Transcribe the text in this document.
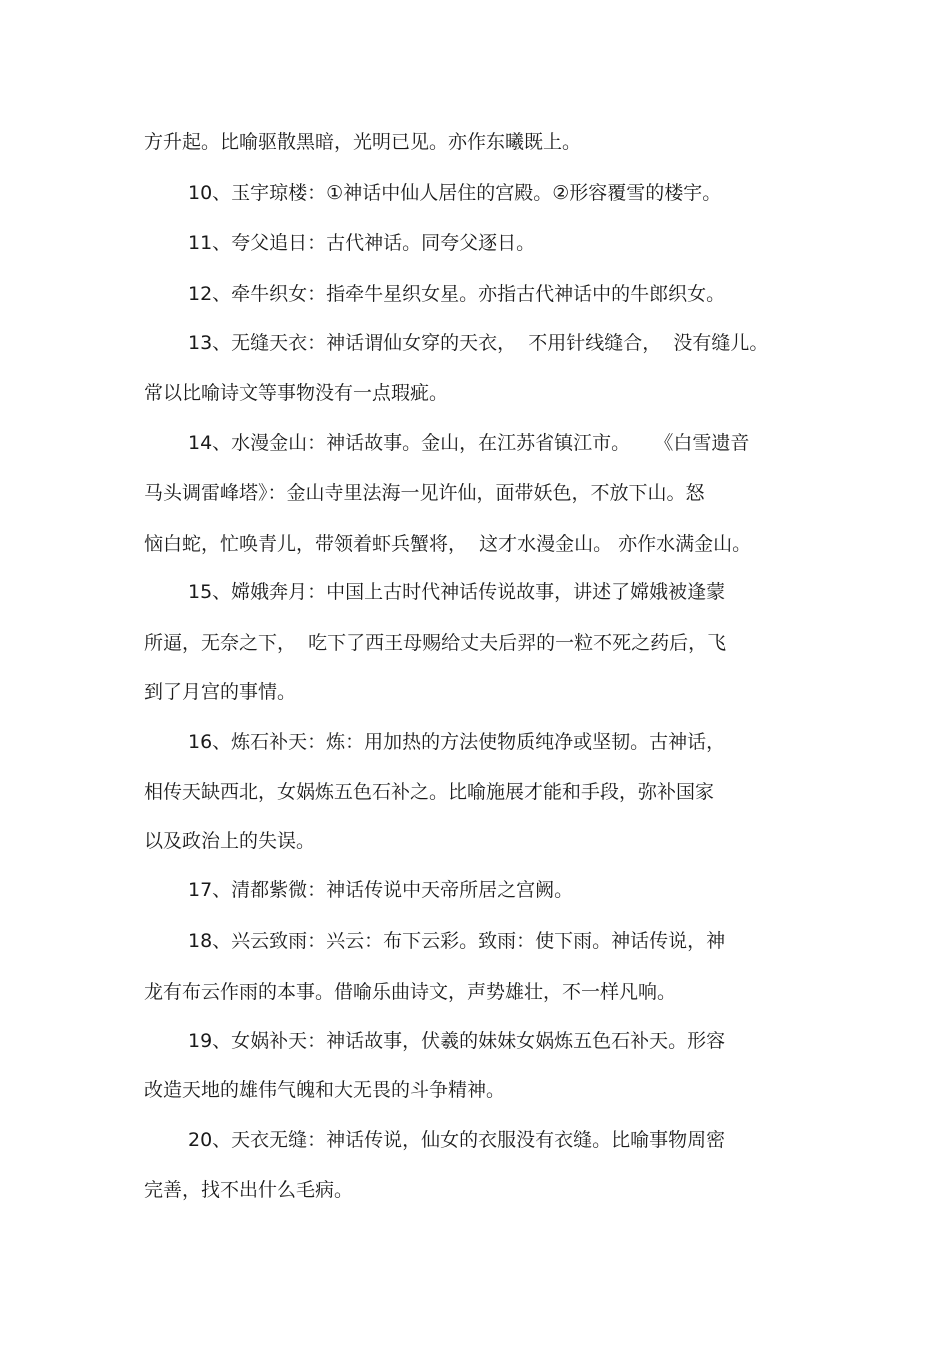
方升起。比喻驱散黑暗，光明已见。亦作东曦既上。
10、玉宇琼楼：①神话中仙人居住的宫殿。②形容覆雪的楼宇。
11、夸父追日：古代神话。同夸父逐日。
12、牵牛织女：指牵牛星织女星。亦指古代神话中的牛郎织女。
13、无缝天衣：神话谓仙女穿的天衣，  不用针线缝合，  没有缝儿。
常以比喻诗文等事物没有一点瑕疵。
14、水漫金山：神话故事。金山，在江苏省镇江市。    《白雪遗音
马头调雷峰塔》：金山寺里法海一见许仙，面带妖色，不放下山。怒
恼白蛇，忙唤青儿，带领着虾兵蟹将，  这才水漫金山。 亦作水满金山。
15、嫦娥奔月：中国上古时代神话传说故事，讲述了嫦娥被逢蒙
所逼，无奈之下，  吃下了西王母赐给丈夫后羿的一粒不死之药后，飞
到了月宫的事情。
16、炼石补天：炼：用加热的方法使物质纯净或坚韧。古神话，
相传天缺西北，女娲炼五色石补之。比喻施展才能和手段，弥补国家
以及政治上的失误。
17、清都紫微：神话传说中天帝所居之宫阙。
18、兴云致雨：兴云：布下云彩。致雨：使下雨。神话传说，神
龙有布云作雨的本事。借喻乐曲诗文，声势雄壮，不一样凡响。
19、女娲补天：神话故事，伏羲的妹妹女娲炼五色石补天。形容
改造天地的雄伟气魄和大无畏的斗争精神。
20、天衣无缝：神话传说，仙女的衣服没有衣缝。比喻事物周密
完善，找不出什么毛病。
